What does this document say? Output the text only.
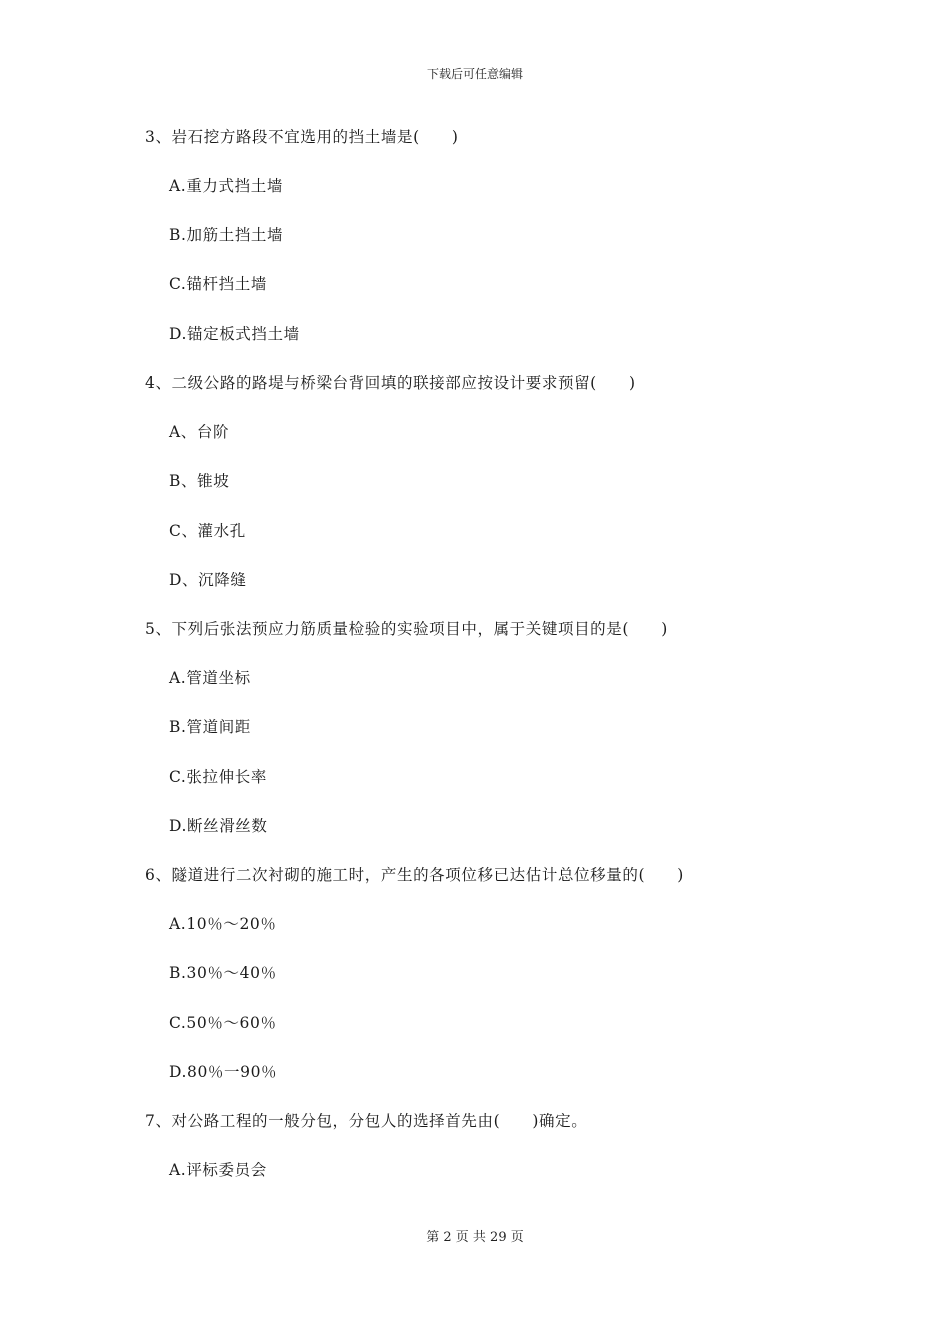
下载后可任意编辑
3、岩石挖方路段不宜选用的挡土墙是(　　)
A.重力式挡土墙
B.加筋土挡土墙
C.锚杆挡土墙
D.锚定板式挡土墙
4、二级公路的路堤与桥梁台背回填的联接部应按设计要求预留(　　)
A、台阶
B、锥坡
C、灌水孔
D、沉降缝
5、下列后张法预应力筋质量检验的实验项目中，属于关键项目的是(　　)
A.管道坐标
B.管道间距
C.张拉伸长率
D.断丝滑丝数
6、隧道进行二次衬砌的施工时，产生的各项位移已达估计总位移量的(　　)
A.10％～20％
B.30％～40％
C.50％～60％
D.80％一90％
7、对公路工程的一般分包，分包人的选择首先由(　　)确定。
A.评标委员会
第 2 页 共 29 页
